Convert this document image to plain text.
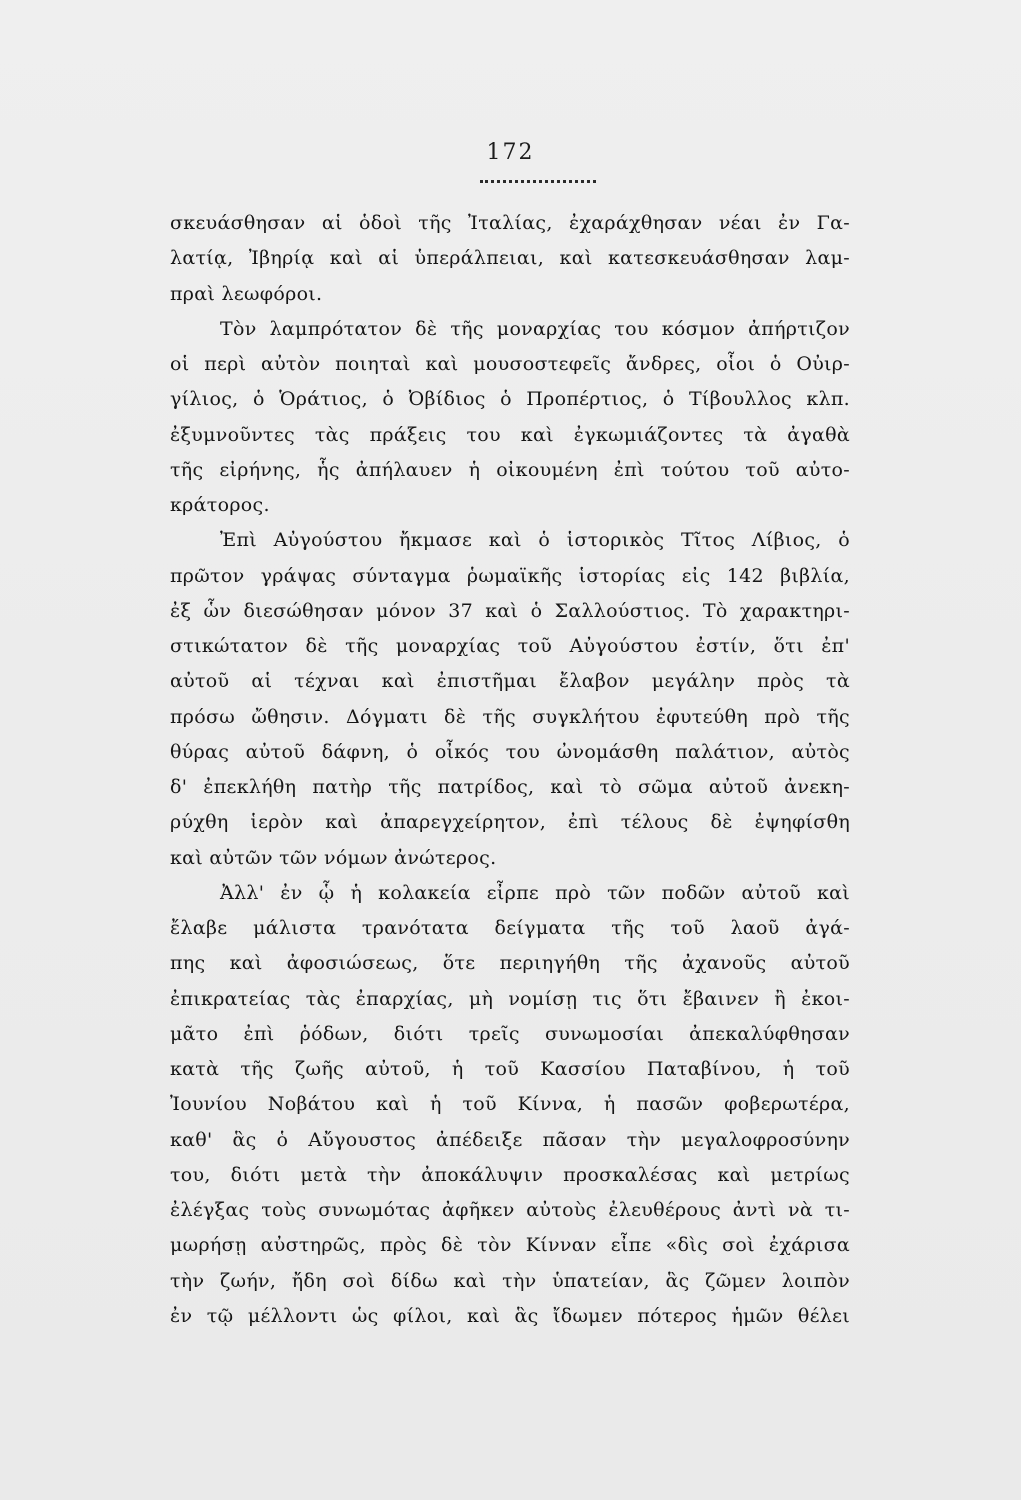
172
σκευάσθησαν αἱ ὁδοὶ τῆς Ἰταλίας, ἐχαράχθησαν νέαι ἐν Γα-
λατίᾳ, Ἰβηρίᾳ καὶ αἱ ὑπεράλπειαι, καὶ κατεσκευάσθησαν λαμ-
πραὶ λεωφόροι.
Τὸν λαμπρότατον δὲ τῆς μοναρχίας του κόσμον ἀπήρτιζον
οἱ περὶ αὐτὸν ποιηταὶ καὶ μουσοστεφεῖς ἄνδρες, οἷοι ὁ Οὐιρ-
γίλιος, ὁ Ὁράτιος, ὁ Ὀβίδιος ὁ Προπέρτιος, ὁ Τίβουλλος κλπ.
ἐξυμνοῦντες τὰς πράξεις του καὶ ἐγκωμιάζοντες τὰ ἀγαθὰ
τῆς εἰρήνης, ἧς ἀπήλαυεν ἡ οἰκουμένη ἐπὶ τούτου τοῦ αὐτο-
κράτορος.
Ἐπὶ Αὐγούστου ἤκμασε καὶ ὁ ἱστορικὸς Τῖτος Λίβιος, ὁ
πρῶτον γράψας σύνταγμα ῥωμαϊκῆς ἱστορίας εἰς 142 βιβλία,
ἐξ ὧν διεσώθησαν μόνον 37 καὶ ὁ Σαλλούστιος. Τὸ χαρακτηρι-
στικώτατον δὲ τῆς μοναρχίας τοῦ Αὐγούστου ἐστίν, ὅτι ἐπ'
αὐτοῦ αἱ τέχναι καὶ ἐπιστῆμαι ἔλαβον μεγάλην πρὸς τὰ
πρόσω ὤθησιν. Δόγματι δὲ τῆς συγκλήτου ἐφυτεύθη πρὸ τῆς
θύρας αὐτοῦ δάφνη, ὁ οἶκός του ὠνομάσθη παλάτιον, αὐτὸς
δ' ἐπεκλήθη πατὴρ τῆς πατρίδος, καὶ τὸ σῶμα αὐτοῦ ἀνεκη-
ρύχθη ἱερὸν καὶ ἀπαρεγχείρητον, ἐπὶ τέλους δὲ ἐψηφίσθη
καὶ αὐτῶν τῶν νόμων ἀνώτερος.
Ἀλλ' ἐν ᾧ ἡ κολακεία εἶρπε πρὸ τῶν ποδῶν αὐτοῦ καὶ
ἔλαβε μάλιστα τρανότατα δείγματα τῆς τοῦ λαοῦ ἀγά-
πης καὶ ἀφοσιώσεως, ὅτε περιηγήθη τῆς ἀχανοῦς αὐτοῦ
ἐπικρατείας τὰς ἐπαρχίας, μὴ νομίσῃ τις ὅτι ἔβαινεν ἢ ἐκοι-
μᾶτο ἐπὶ ῥόδων, διότι τρεῖς συνωμοσίαι ἀπεκαλύφθησαν
κατὰ τῆς ζωῆς αὐτοῦ, ἡ τοῦ Κασσίου Παταβίνου, ἡ τοῦ
Ἰουνίου Νοβάτου καὶ ἡ τοῦ Κίννα, ἡ πασῶν φοβερωτέρα,
καθ' ἃς ὁ Αὔγουστος ἀπέδειξε πᾶσαν τὴν μεγαλοφροσύνην
του, διότι μετὰ τὴν ἀποκάλυψιν προσκαλέσας καὶ μετρίως
ἐλέγξας τοὺς συνωμότας ἀφῆκεν αὐτοὺς ἐλευθέρους ἀντὶ νὰ τι-
μωρήσῃ αὐστηρῶς, πρὸς δὲ τὸν Κίνναν εἶπε «δὶς σοὶ ἐχάρισα
τὴν ζωήν, ἤδη σοὶ δίδω καὶ τὴν ὑπατείαν, ἃς ζῶμεν λοιπὸν
ἐν τῷ μέλλοντι ὡς φίλοι, καὶ ἃς ἴδωμεν πότερος ἡμῶν θέλει
